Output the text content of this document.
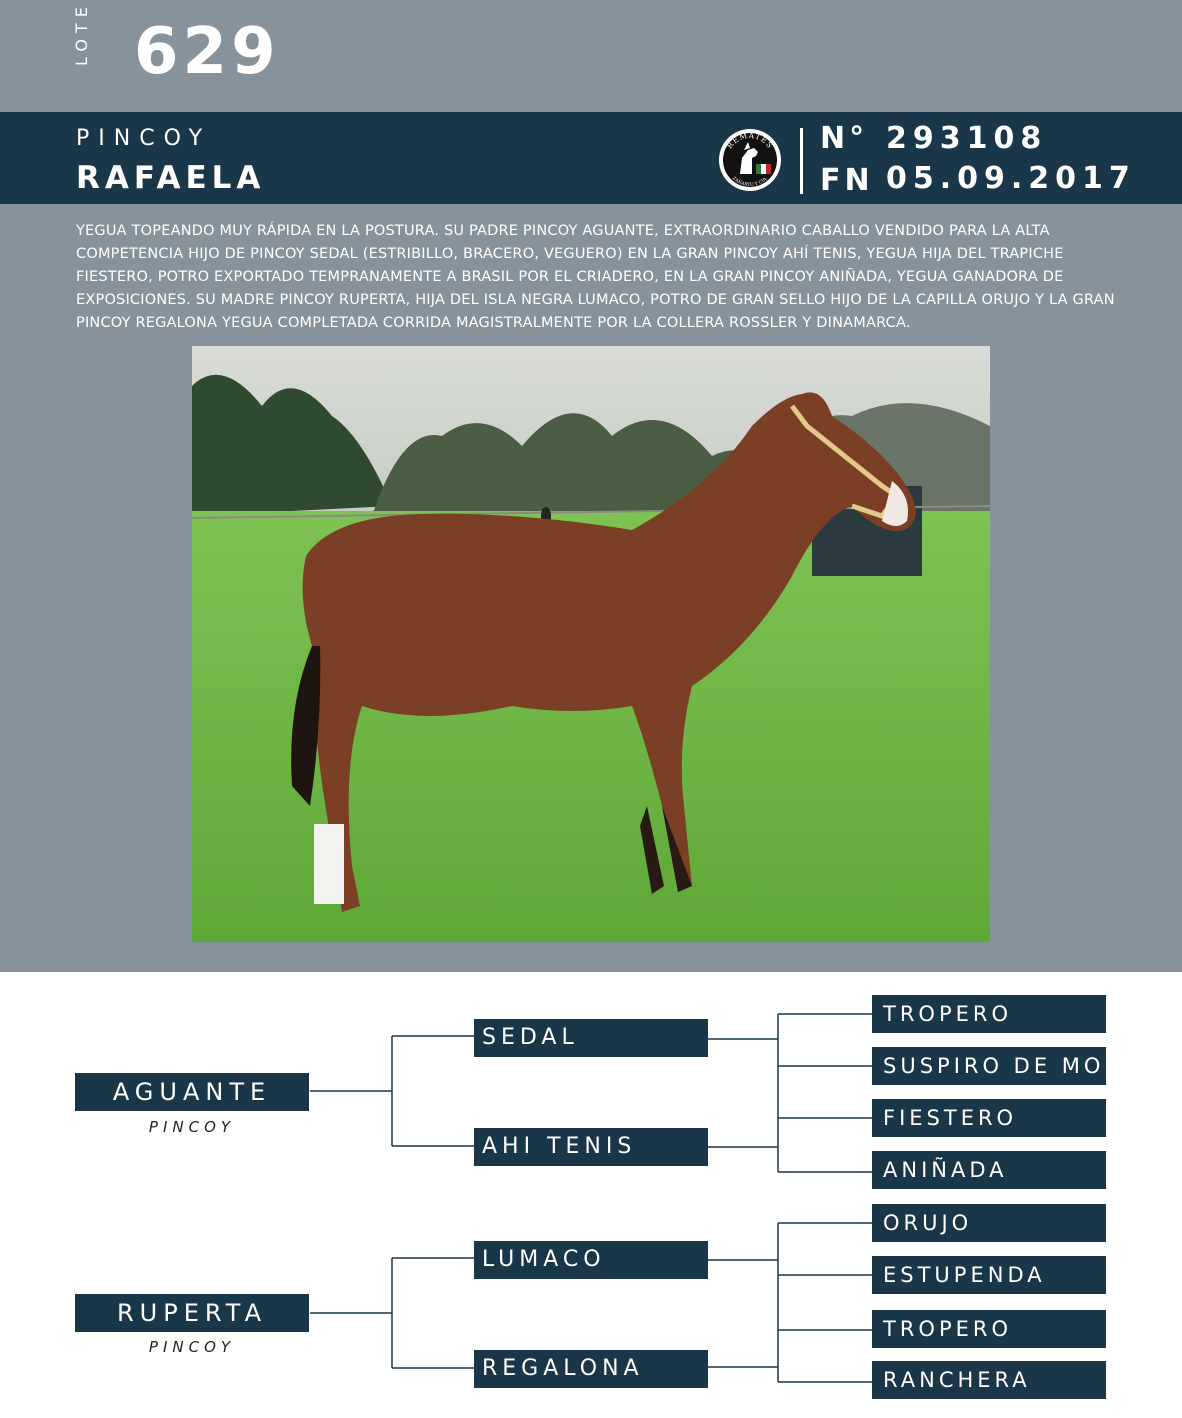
LOTE 629
PINCOY
RAFAELA
REMATES
ZAÑARTU Y CIA.
N° 293108
FN 05.09.2017
YEGUA TOPEANDO MUY RÁPIDA EN LA POSTURA. SU PADRE PINCOY AGUANTE, EXTRAORDINARIO CABALLO VENDIDO PARA LA ALTA COMPETENCIA HIJO DE PINCOY SEDAL (ESTRIBILLO, BRACERO, VEGUERO) EN LA GRAN PINCOY AHÍ TENIS, YEGUA HIJA DEL TRAPICHE FIESTERO, POTRO EXPORTADO TEMPRANAMENTE A BRASIL POR EL CRIADERO, EN LA GRAN PINCOY ANIÑADA, YEGUA GANADORA DE EXPOSICIONES. SU MADRE PINCOY RUPERTA, HIJA DEL ISLA NEGRA LUMACO, POTRO DE GRAN SELLO HIJO DE LA CAPILLA ORUJO Y LA GRAN PINCOY REGALONA YEGUA COMPLETADA CORRIDA MAGISTRALMENTE POR LA COLLERA ROSSLER Y DINAMARCA.
AGUANTE
PINCOY
RUPERTA
PINCOY
SEDAL
AHI TENIS
LUMACO
REGALONA
TROPERO
SUSPIRO DE MONJA
FIESTERO
ANIÑADA
ORUJO
ESTUPENDA
TROPERO
RANCHERA
